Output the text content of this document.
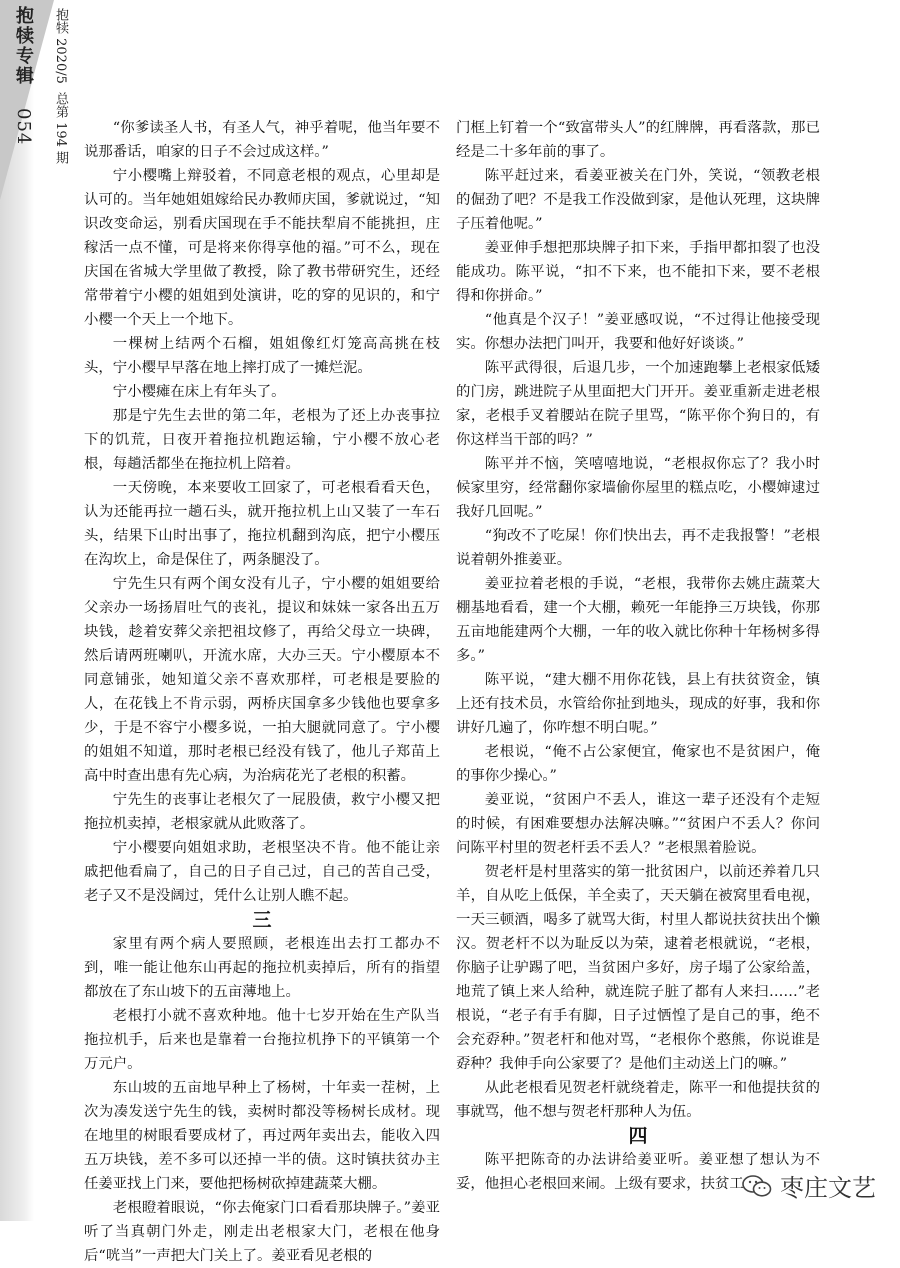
抱犊专辑 054
抱犊 2020/5 总第 194 期	“你爹读圣人书，有圣人气，神乎着呢，他当年要不说那番话，咱家的日子不会过成这样。”

宁小樱嘴上辩驳着，不同意老根的观点，心里却是认可的。当年她姐姐嫁给民办教师庆国，爹就说过，“知识改变命运，别看庆国现在手不能扶犁肩不能挑担，庄稼活一点不懂，可是将来你得享他的福。”可不么，现在庆国在省城大学里做了教授，除了教书带研究生，还经常带着宁小樱的姐姐到处演讲，吃的穿的见识的，和宁小樱一个天上一个地下。

一棵树上结两个石榴，姐姐像红灯笼高高挑在枝头，宁小樱早早落在地上摔打成了一摊烂泥。

宁小樱瘫在床上有年头了。

那是宁先生去世的第二年，老根为了还上办丧事拉下的饥荒，日夜开着拖拉机跑运输，宁小樱不放心老根，每趟活都坐在拖拉机上陪着。

一天傍晚，本来要收工回家了，可老根看看天色，认为还能再拉一趟石头，就开拖拉机上山又装了一车石头，结果下山时出事了，拖拉机翻到沟底，把宁小樱压在沟坎上，命是保住了，两条腿没了。

宁先生只有两个闺女没有儿子，宁小樱的姐姐要给父亲办一场扬眉吐气的丧礼，提议和妹妹一家各出五万块钱，趁着安葬父亲把祖坟修了，再给父母立一块碑，然后请两班喇叭，开流水席，大办三天。宁小樱原本不同意铺张，她知道父亲不喜欢那样，可老根是要脸的人，在花钱上不肯示弱，两桥庆国拿多少钱他也要拿多少，于是不容宁小樱多说，一拍大腿就同意了。宁小樱的姐姐不知道，那时老根已经没有钱了，他儿子郑苗上高中时查出患有先心病，为治病花光了老根的积蓄。

宁先生的丧事让老根欠了一屁股债，救宁小樱又把拖拉机卖掉，老根家就从此败落了。

宁小樱要向姐姐求助，老根坚决不肯。他不能让亲戚把他看扁了，自己的日子自己过，自己的苦自己受，老子又不是没阔过，凭什么让别人瞧不起。

三

家里有两个病人要照顾，老根连出去打工都办不到，唯一能让他东山再起的拖拉机卖掉后，所有的指望都放在了东山坡下的五亩薄地上。

老根打小就不喜欢种地。他十七岁开始在生产队当拖拉机手，后来也是靠着一台拖拉机挣下的平镇第一个万元户。

东山坡的五亩地早种上了杨树，十年卖一茬树，上次为凑发送宁先生的钱，卖树时都没等杨树长成材。现在地里的树眼看要成材了，再过两年卖出去，能收入四五万块钱，差不多可以还掉一半的债。这时镇扶贫办主任姜亚找上门来，要他把杨树砍掉建蔬菜大棚。

老根瞪着眼说，“你去俺家门口看看那块牌子。”姜亚听了当真朝门外走，刚走出老根家大门，老根在他身后“咣当”一声把大门关上了。姜亚看见老根的

门框上钉着一个“致富带头人”的红牌牌，再看落款，那已经是二十多年前的事了。

陈平赶过来，看姜亚被关在门外，笑说，“领教老根的倔劲了吧？不是我工作没做到家，是他认死理，这块牌子压着他呢。”

姜亚伸手想把那块牌子扣下来，手指甲都扣裂了也没能成功。陈平说，“扣不下来，也不能扣下来，要不老根得和你拼命。”

“他真是个汉子！”姜亚感叹说，“不过得让他接受现实。你想办法把门叫开，我要和他好好谈谈。”

陈平武得很，后退几步，一个加速跑攀上老根家低矮的门房，跳进院子从里面把大门开开。姜亚重新走进老根家，老根手叉着腰站在院子里骂，“陈平你个狗日的，有你这样当干部的吗？”

陈平并不恼，笑嘻嘻地说，“老根叔你忘了？我小时候家里穷，经常翻你家墙偷你屋里的糕点吃，小樱婶逮过我好几回呢。”

“狗改不了吃屎！你们快出去，再不走我报警！”老根说着朝外推姜亚。

姜亚拉着老根的手说，“老根，我带你去姚庄蔬菜大棚基地看看，建一个大棚，赖死一年能挣三万块钱，你那五亩地能建两个大棚，一年的收入就比你种十年杨树多得多。”

陈平说，“建大棚不用你花钱，县上有扶贫资金，镇上还有技术员，水管给你扯到地头，现成的好事，我和你讲好几遍了，你咋想不明白呢。”

老根说，“俺不占公家便宜，俺家也不是贫困户，俺的事你少操心。”

姜亚说，“贫困户不丢人，谁这一辈子还没有个走短的时候，有困难要想办法解决嘛。”“贫困户不丢人？你问问陈平村里的贺老杆丢不丢人？”老根黑着脸说。

贺老杆是村里落实的第一批贫困户，以前还养着几只羊，自从吃上低保，羊全卖了，天天躺在被窝里看电视，一天三顿酒，喝多了就骂大街，村里人都说扶贫扶出个懒汉。贺老杆不以为耻反以为荣，逮着老根就说，“老根，你脑子让驴踢了吧，当贫困户多好，房子塌了公家给盖，地荒了镇上来人给种，就连院子脏了都有人来扫……”老根说，“老子有手有脚，日子过恓惶了是自己的事，绝不会充孬种。”贺老杆和他对骂，“老根你个憨熊，你说谁是孬种？我伸手向公家要了？是他们主动送上门的嘛。”

从此老根看见贺老杆就绕着走，陈平一和他提扶贫的事就骂，他不想与贺老杆那种人为伍。

四

陈平把陈奇的办法讲给姜亚听。姜亚想了想认为不妥，他担心老根回来闹。上级有要求，扶贫工	枣庄文艺
